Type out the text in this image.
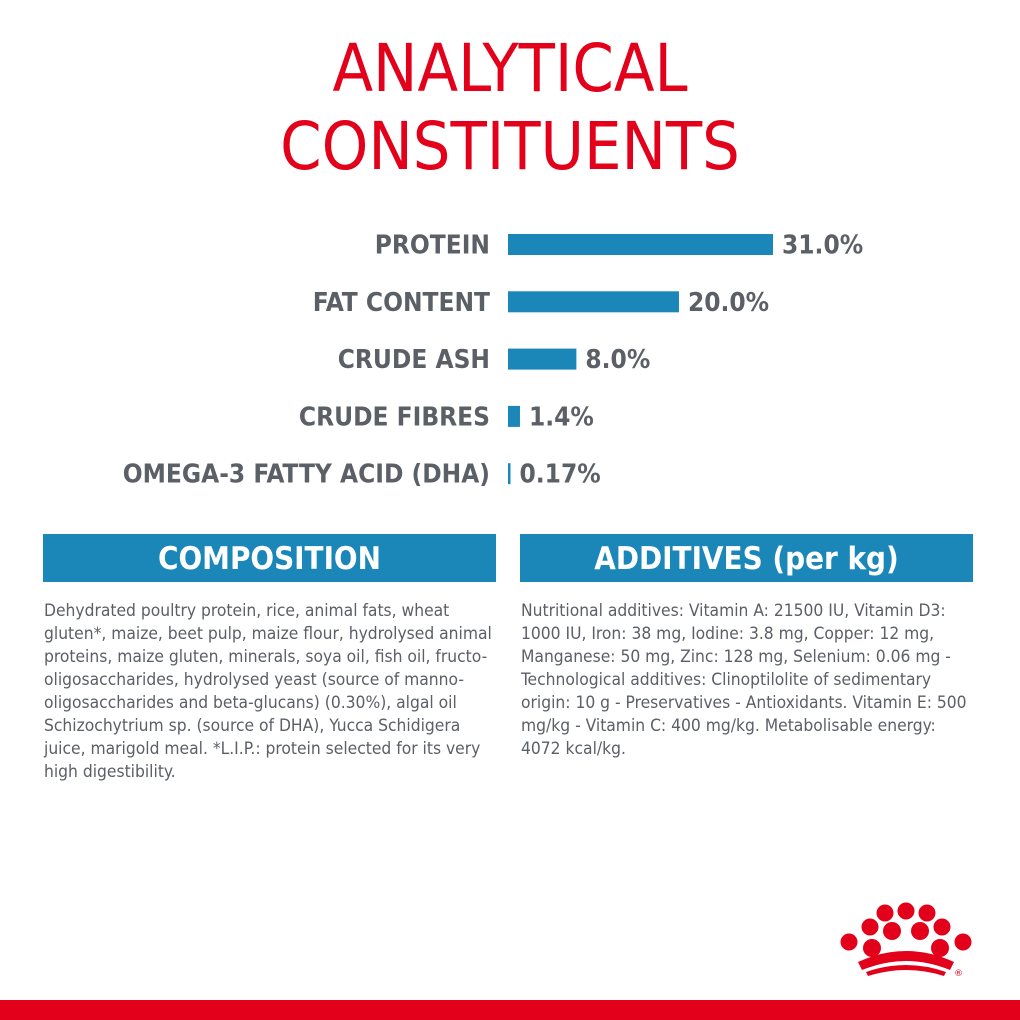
ANALYTICAL
CONSTITUENTS
PROTEIN	31.0%
FAT CONTENT	20.0%
CRUDE ASH	8.0%
CRUDE FIBRES 1.4%
OMEGA-3 FATTY ACID (DHA) 0.17%
COMPOSITION

Dehydrated poultry protein, rice, animal fats, wheat gluten*, maize, beet pulp, maize flour, hydrolysed animal proteins, maize gluten, minerals, soya oil, fish oil, fructo-oligosaccharides, hydrolysed yeast (source of manno-oligosaccharides and beta-glucans) (0.30%), algal oil Schizochytrium sp. (source of DHA), Yucca Schidigera juice, marigold meal. *L.I.P.: protein selected for its very high digestibility.

ADDITIVES (per kg)

Nutritional additives: Vitamin A: 21500 IU, Vitamin D3: 1000 IU, Iron: 38 mg, Iodine: 3.8 mg, Copper: 12 mg, Manganese: 50 mg, Zinc: 128 mg, Selenium: 0.06 mg - Technological additives: Clinoptilolite of sedimentary origin: 10 g - Preservatives - Antioxidants. Vitamin E: 500 mg/kg - Vitamin C: 400 mg/kg. Metabolisable energy: 4072 kcal/kg.

®
